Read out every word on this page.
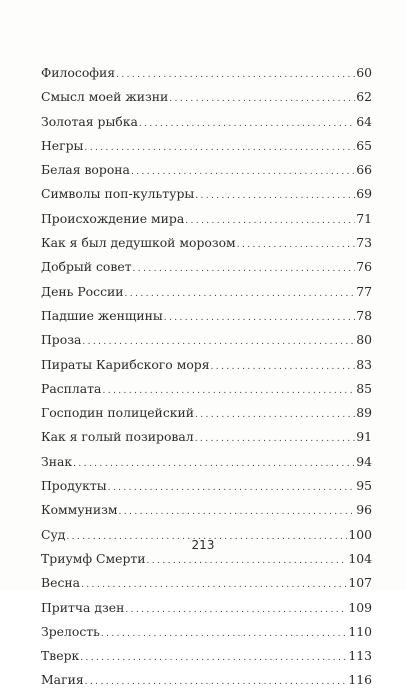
Философия .....	60
Смысл моей жизни .....	62
Золотая рыбка .....	64
Негры .....	65
Белая ворона .....	66
Символы поп-культуры .....	69
Происхождение мира .....	71
Как я был дедушкой морозом .....	73
Добрый совет .....	76
День России .....	77
Падшие женщины .....	78
Проза .....	80
Пираты Карибского моря .....	83
Расплата .....	85
Господин полицейский .....	89
Как я голый позировал .....	91
Знак .....	94
Продукты .....	95
Коммунизм .....	96
Суд .....	100
Триумф Смерти .....	104
Весна .....	107
Притча дзен .....	109
Зрелость .....	110
Тверк .....	113
Магия .....	116
213
